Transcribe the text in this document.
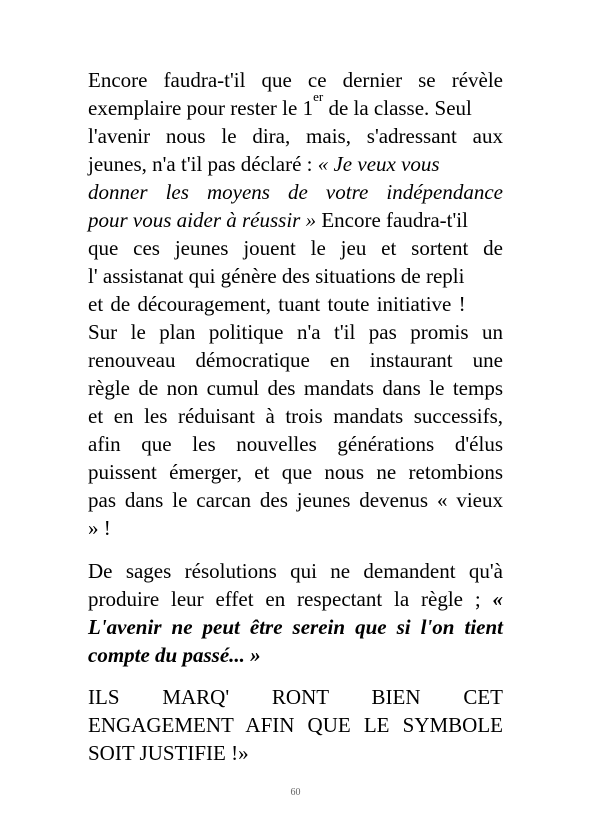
Encore faudra-t'il que ce dernier se révèle
exemplaire pour rester le 1er de la classe. Seul
l'avenir nous le dira, mais, s'adressant aux
jeunes, n'a t'il pas déclaré : « Je veux vous
donner les moyens de votre indépendance
pour vous aider à réussir » Encore faudra-t'il
que ces jeunes jouent le jeu et sortent de
l' assistanat qui génère des situations de repli
et de découragement, tuant toute initiative !
Sur le plan politique n'a t'il pas promis un
renouveau démocratique en instaurant une
règle de non cumul des mandats dans le temps
et en les réduisant à trois mandats successifs,
afin que les nouvelles générations d'élus
puissent émerger, et que nous ne retombions
pas dans le carcan des jeunes devenus « vieux
» !
De sages résolutions qui ne demandent qu'à
produire leur effet en respectant la règle ; «
L'avenir ne peut être serein que si l'on tient
compte du passé... »
ILS MARQ' RONT BIEN CET
ENGAGEMENT AFIN QUE LE SYMBOLE
SOIT JUSTIFIE !»
60
